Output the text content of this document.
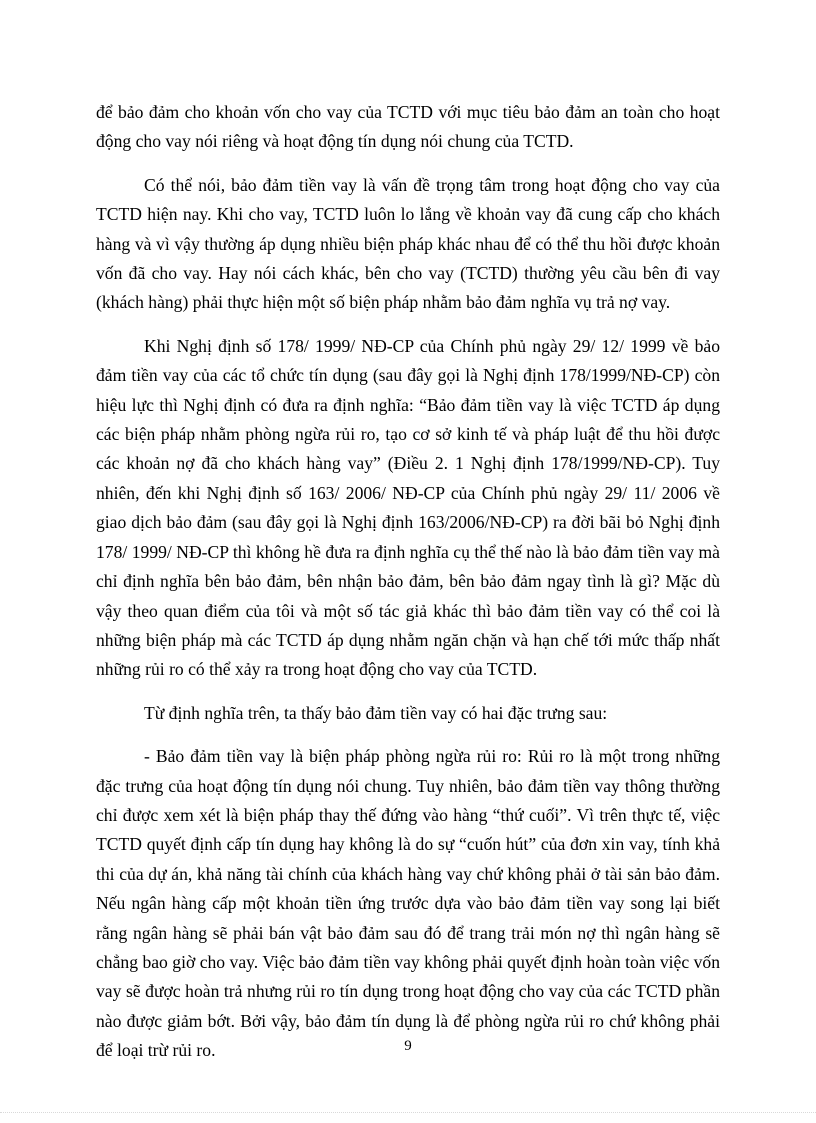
để bảo đảm cho khoản vốn cho vay của TCTD với mục tiêu bảo đảm an toàn cho hoạt động cho vay nói riêng và hoạt động tín dụng nói chung của TCTD.

Có thể nói, bảo đảm tiền vay là vấn đề trọng tâm trong hoạt động cho vay của TCTD hiện nay. Khi cho vay, TCTD luôn lo lắng về khoản vay đã cung cấp cho khách hàng và vì vậy thường áp dụng nhiều biện pháp khác nhau để có thể thu hồi được khoản vốn đã cho vay. Hay nói cách khác, bên cho vay (TCTD) thường yêu cầu bên đi vay (khách hàng) phải thực hiện một số biện pháp nhằm bảo đảm nghĩa vụ trả nợ vay.

Khi Nghị định số 178/ 1999/ NĐ-CP của Chính phủ ngày 29/ 12/ 1999 về bảo đảm tiền vay của các tổ chức tín dụng (sau đây gọi là Nghị định 178/1999/NĐ-CP) còn hiệu lực thì Nghị định có đưa ra định nghĩa: “Bảo đảm tiền vay là việc TCTD áp dụng các biện pháp nhằm phòng ngừa rủi ro, tạo cơ sở kinh tế và pháp luật để thu hồi được các khoản nợ đã cho khách hàng vay” (Điều 2. 1 Nghị định 178/1999/NĐ-CP). Tuy nhiên, đến khi Nghị định số 163/ 2006/ NĐ-CP của Chính phủ ngày 29/ 11/ 2006 về giao dịch bảo đảm (sau đây gọi là Nghị định 163/2006/NĐ-CP) ra đời bãi bỏ Nghị định 178/ 1999/ NĐ-CP thì không hề đưa ra định nghĩa cụ thể thế nào là bảo đảm tiền vay mà chỉ định nghĩa bên bảo đảm, bên nhận bảo đảm, bên bảo đảm ngay tình là gì? Mặc dù vậy theo quan điểm của tôi và một số tác giả khác thì bảo đảm tiền vay có thể coi là những biện pháp mà các TCTD áp dụng nhằm ngăn chặn và hạn chế tới mức thấp nhất những rủi ro có thể xảy ra trong hoạt động cho vay của TCTD.

Từ định nghĩa trên, ta thấy bảo đảm tiền vay có hai đặc trưng sau:

- Bảo đảm tiền vay là biện pháp phòng ngừa rủi ro: Rủi ro là một trong những đặc trưng của hoạt động tín dụng nói chung. Tuy nhiên, bảo đảm tiền vay thông thường chỉ được xem xét là biện pháp thay thế đứng vào hàng “thứ cuối”. Vì trên thực tế, việc TCTD quyết định cấp tín dụng hay không là do sự “cuốn hút” của đơn xin vay, tính khả thi của dự án, khả năng tài chính của khách hàng vay chứ không phải ở tài sản bảo đảm. Nếu ngân hàng cấp một khoản tiền ứng trước dựa vào bảo đảm tiền vay song lại biết rằng ngân hàng sẽ phải bán vật bảo đảm sau đó để trang trải món nợ thì ngân hàng sẽ chẳng bao giờ cho vay. Việc bảo đảm tiền vay không phải quyết định hoàn toàn việc vốn vay sẽ được hoàn trả nhưng rủi ro tín dụng trong hoạt động cho vay của các TCTD phần nào được giảm bớt. Bởi vậy, bảo đảm tín dụng là để phòng ngừa rủi ro chứ không phải để loại trừ rủi ro.	9
